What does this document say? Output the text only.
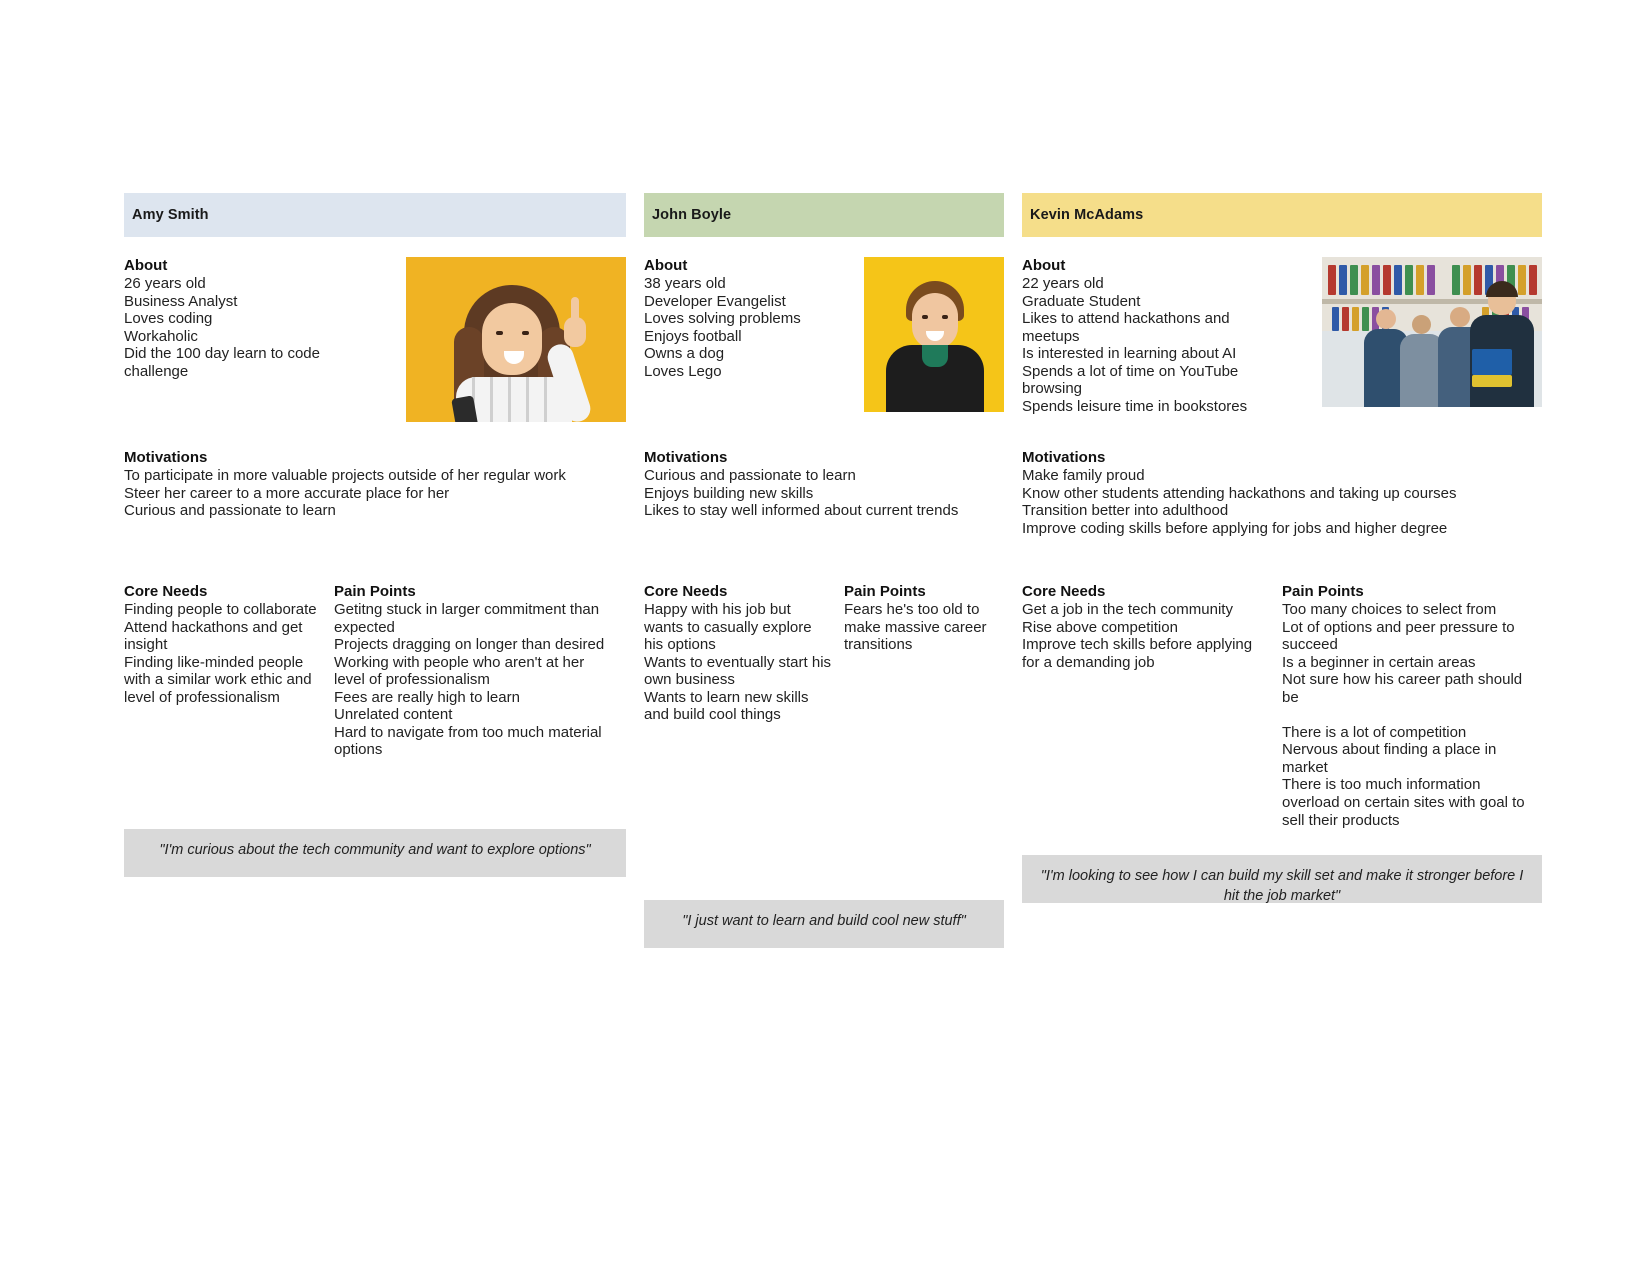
Amy Smith
About
26 years old
Business Analyst
Loves coding
Workaholic
Did the 100 day learn to code challenge
Motivations
To participate in more valuable projects outside of her regular work
Steer her career to a more accurate place for her
Curious and passionate to learn
Core Needs
Finding people to collaborate
Attend hackathons and get insight
Finding like-minded people with a similar work ethic and level of professionalism
Pain Points
Getitng stuck in larger commitment than expected
Projects dragging on longer than desired
Working with people who aren't at her level of professionalism
Fees are really high to learn
Unrelated content
Hard to navigate from too much material options
"I'm curious about the tech community and want to explore options"
John Boyle
About
38 years old
Developer Evangelist
Loves solving problems
Enjoys football
Owns a dog
Loves Lego
Motivations
Curious and passionate to learn
Enjoys building new skills
Likes to stay well informed about current trends
Core Needs
Happy with his job but wants to casually explore his options
Wants to eventually start his own business
Wants to learn new skills and build cool things
Pain Points
Fears he's too old to make massive career transitions
"I just want to learn and build cool new stuff"
Kevin McAdams
About
22 years old
Graduate Student
Likes to attend hackathons and meetups
Is interested in learning about AI
Spends a lot of time on YouTube browsing
Spends leisure time in bookstores
Motivations
Make family proud
Know other students attending hackathons and taking up courses
Transition better into adulthood
Improve coding skills before applying for jobs and higher degree
Core Needs
Get a job in the tech community
Rise above competition
Improve tech skills before applying for a demanding job
Pain Points
Too many choices to select from
Lot of options and peer pressure to succeed
Is a beginner in certain areas
Not sure how his career path should be

There is a lot of competition
Nervous about finding a place in market
There is too much information overload on certain sites with goal to sell their products
"I'm looking to see how I can build my skill set and make it stronger before I hit the job market"
